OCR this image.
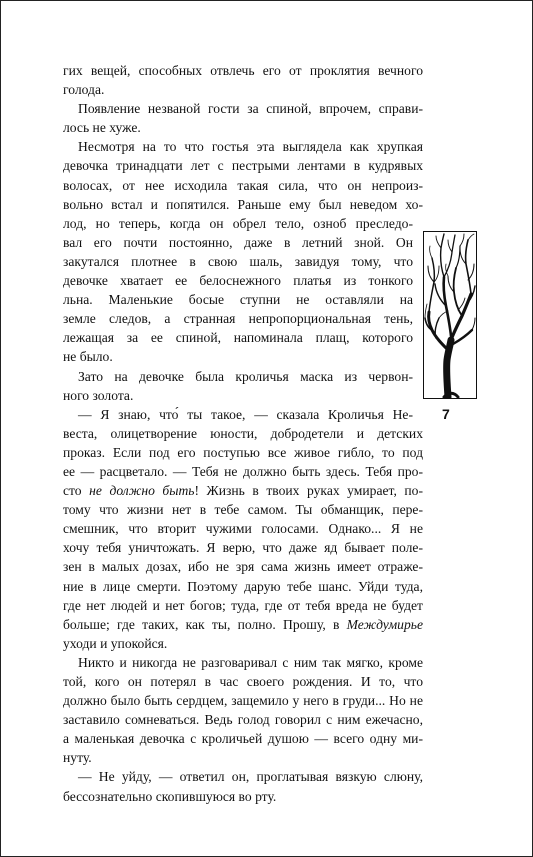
гих вещей, способных отвлечь его от проклятия вечного
голода.
Появление незваной гости за спиной, впрочем, справи-
лось не хуже.
Несмотря на то что гостья эта выглядела как хрупкая
девочка тринадцати лет с пестрыми лентами в кудрявых
волосах, от нее исходила такая сила, что он непроиз-
вольно встал и попятился. Раньше ему был неведом хо-
лод, но теперь, когда он обрел тело, озноб преследо-
вал его почти постоянно, даже в летний зной. Он
закутался плотнее в свою шаль, завидуя тому, что
девочке хватает ее белоснежного платья из тонкого
льна. Маленькие босые ступни не оставляли на
земле следов, а странная непропорциональная тень,
лежащая за ее спиной, напоминала плащ, которого
не было.
Зато на девочке была кроличья маска из червон-
ного золота.
— Я знаю, что́ ты такое, — сказала Кроличья Не-
веста, олицетворение юности, добродетели и детских
проказ. Если под его поступью все живое гибло, то под
ее — расцветало. — Тебя не должно быть здесь. Тебя про-
сто не должно быть! Жизнь в твоих руках умирает, по-
тому что жизни нет в тебе самом. Ты обманщик, пере-
смешник, что вторит чужими голосами. Однако... Я не
хочу тебя уничтожать. Я верю, что даже яд бывает поле-
зен в малых дозах, ибо не зря сама жизнь имеет отраже-
ние в лице смерти. Поэтому дарую тебе шанс. Уйди туда,
где нет людей и нет богов; туда, где от тебя вреда не будет
больше; где таких, как ты, полно. Прошу, в Междумирье
уходи и упокойся.
Никто и никогда не разговаривал с ним так мягко, кроме
той, кого он потерял в час своего рождения. И то, что
должно было быть сердцем, защемило у него в груди... Но не
заставило сомневаться. Ведь голод говорил с ним ежечасно,
а маленькая девочка с кроличьей душою — всего одну ми-
нуту.
— Не уйду, — ответил он, проглатывая вязкую слюну,
бессознательно скопившуюся во рту.
7
